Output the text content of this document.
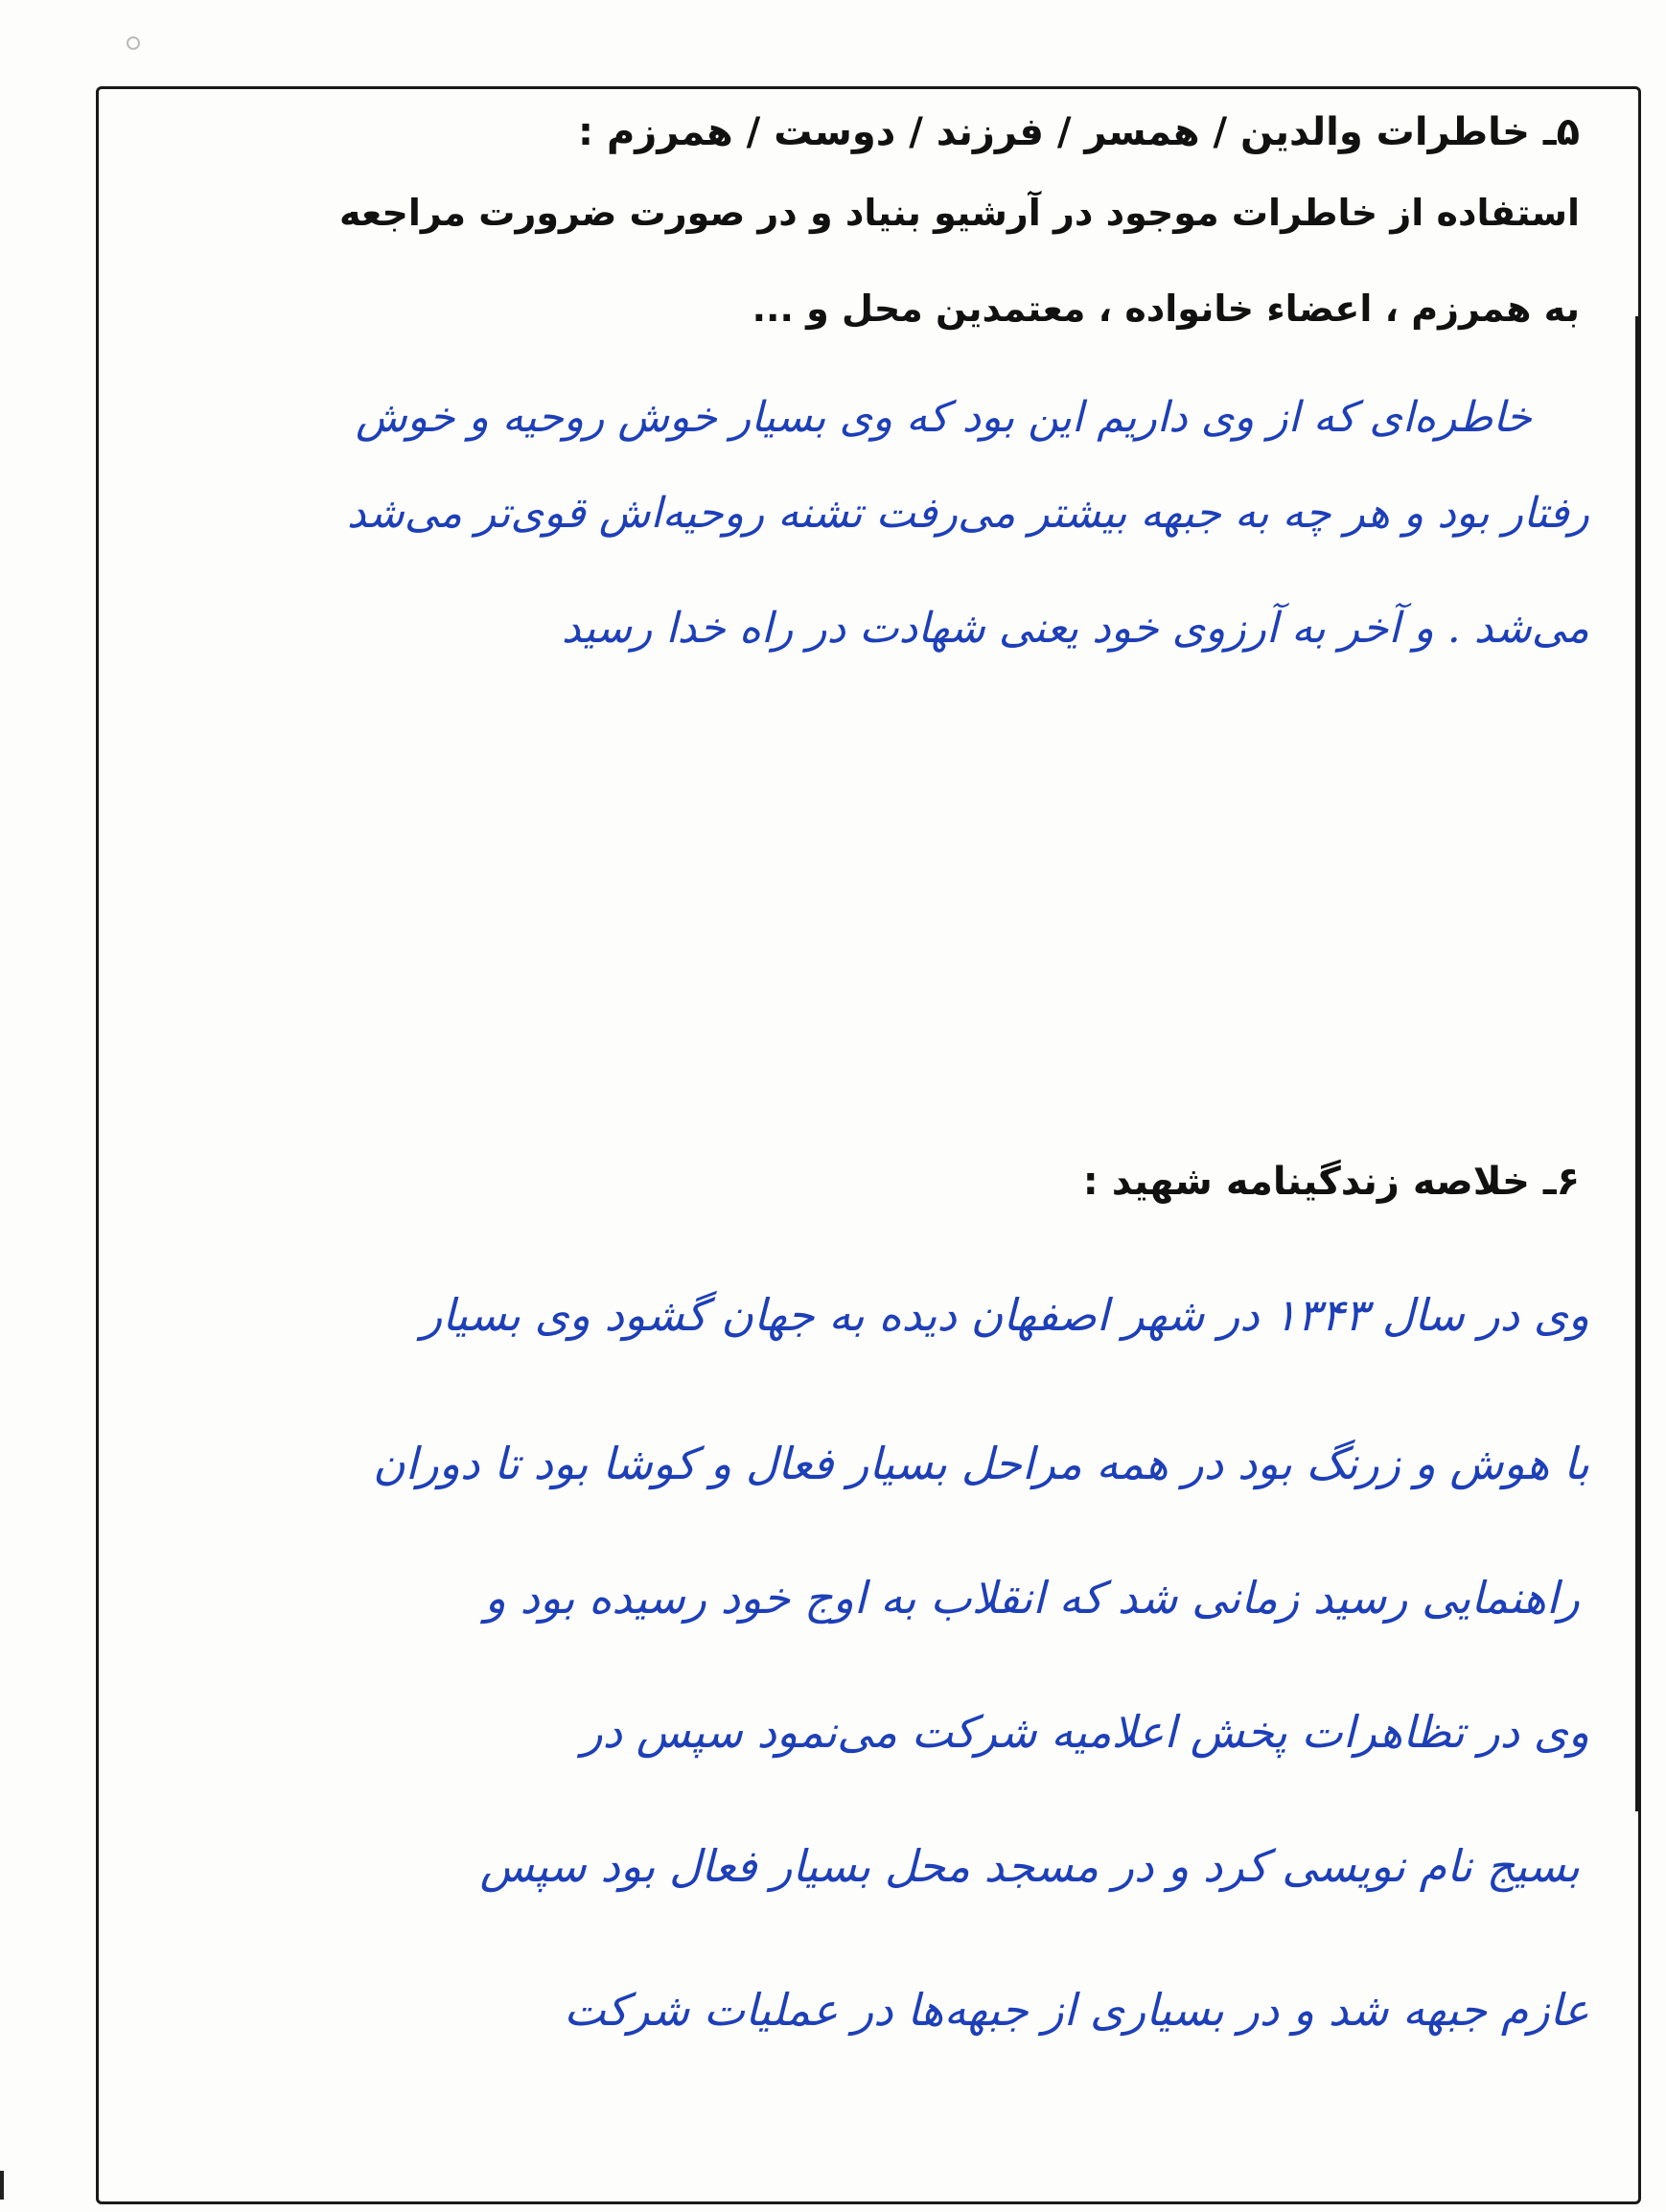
۵ـ خاطرات والدین / همسر / فرزند / دوست / همرزم :
استفاده از خاطرات موجود در آرشیو بنیاد و در صورت ضرورت مراجعه
به همرزم ، اعضاء خانواده ، معتمدین محل و ...
خاطره‌ای که از وی داریم این بود که وی بسیار خوش روحیه و خوش
رفتار بود و هر چه به جبهه بیشتر می‌رفت تشنه روحیه‌اش قوی‌تر می‌شد
می‌شد . و آخر به آرزوی خود یعنی شهادت در راه خدا رسید
۶ـ خلاصه زندگینامه شهید :
وی در سال ۱۳۴۳ در شهر اصفهان دیده به جهان گشود وی بسیار
با هوش و زرنگ بود در همه مراحل بسیار فعال و کوشا بود تا دوران
راهنمایی رسید زمانی شد که انقلاب به اوج خود رسیده بود و
وی در تظاهرات پخش اعلامیه شرکت می‌نمود سپس در
بسیج نام نویسی کرد و در مسجد محل بسیار فعال بود سپس
عازم جبهه شد و در بسیاری از جبهه‌ها در عملیات شرکت
